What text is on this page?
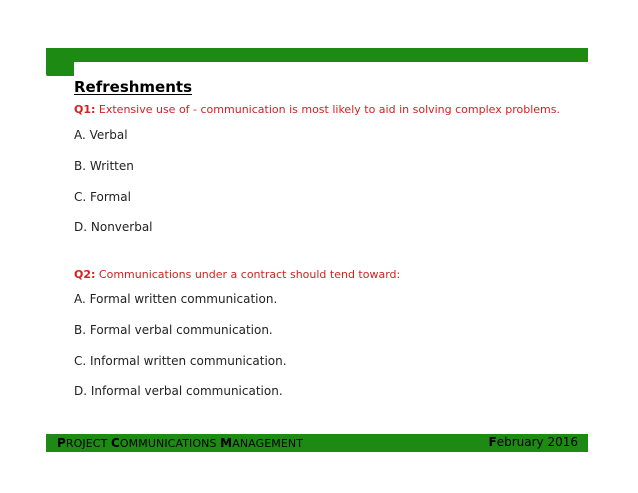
Refreshments

Q1: Extensive use of - communication is most likely to aid in solving complex problems.

A. Verbal

B. Written

C. Formal

D. Nonverbal

Q2: Communications under a contract should tend toward:

A. Formal written communication.

B. Formal verbal communication.

C. Informal written communication.

D. Informal verbal communication.

PROJECT COMMUNICATIONS MANAGEMENT	February 2016
